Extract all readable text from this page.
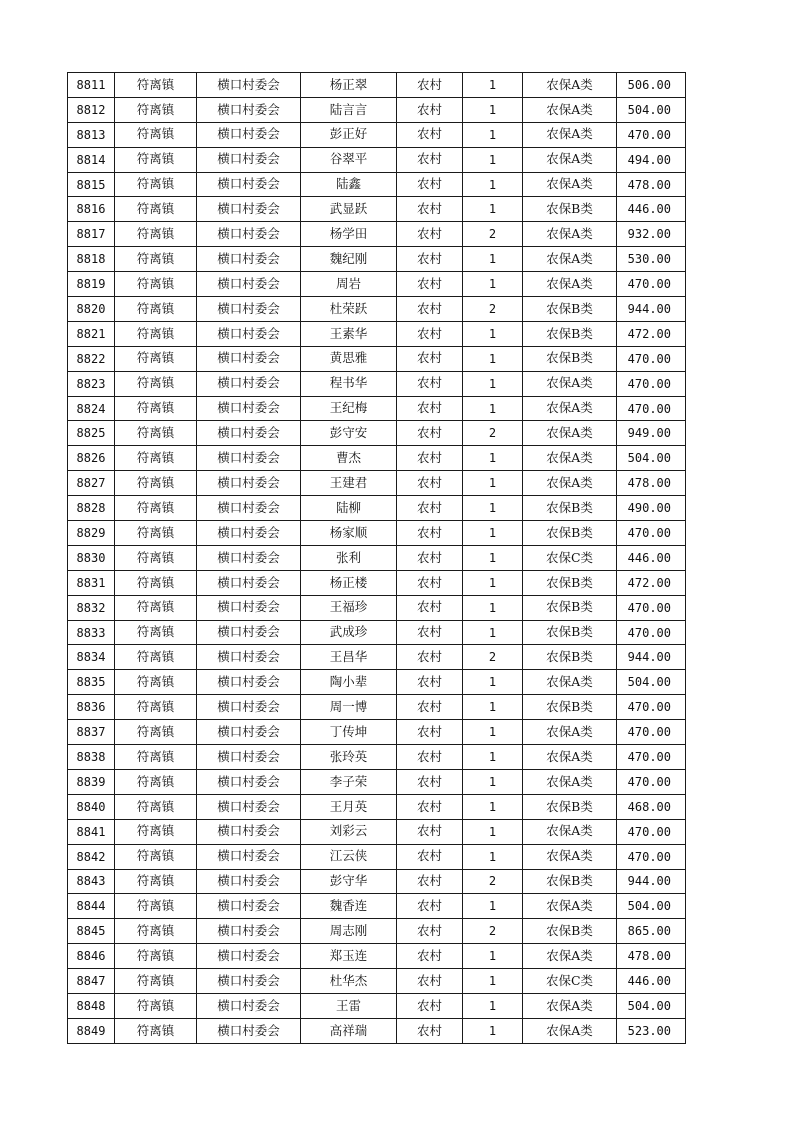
8811	符离镇	横口村委会	杨正翠	农村	1	农保A类	506.00
8812	符离镇	横口村委会	陆言言	农村	1	农保A类	504.00
8813	符离镇	横口村委会	彭正好	农村	1	农保A类	470.00
8814	符离镇	横口村委会	谷翠平	农村	1	农保A类	494.00
8815	符离镇	横口村委会	陆鑫	农村	1	农保A类	478.00
8816	符离镇	横口村委会	武显跃	农村	1	农保B类	446.00
8817	符离镇	横口村委会	杨学田	农村	2	农保A类	932.00
8818	符离镇	横口村委会	魏纪刚	农村	1	农保A类	530.00
8819	符离镇	横口村委会	周岩	农村	1	农保A类	470.00
8820	符离镇	横口村委会	杜荣跃	农村	2	农保B类	944.00
8821	符离镇	横口村委会	王素华	农村	1	农保B类	472.00
8822	符离镇	横口村委会	黄思雅	农村	1	农保B类	470.00
8823	符离镇	横口村委会	程书华	农村	1	农保A类	470.00
8824	符离镇	横口村委会	王纪梅	农村	1	农保A类	470.00
8825	符离镇	横口村委会	彭守安	农村	2	农保A类	949.00
8826	符离镇	横口村委会	曹杰	农村	1	农保A类	504.00
8827	符离镇	横口村委会	王建君	农村	1	农保A类	478.00
8828	符离镇	横口村委会	陆柳	农村	1	农保B类	490.00
8829	符离镇	横口村委会	杨家顺	农村	1	农保B类	470.00
8830	符离镇	横口村委会	张利	农村	1	农保C类	446.00
8831	符离镇	横口村委会	杨正楼	农村	1	农保B类	472.00
8832	符离镇	横口村委会	王福珍	农村	1	农保B类	470.00
8833	符离镇	横口村委会	武成珍	农村	1	农保B类	470.00
8834	符离镇	横口村委会	王昌华	农村	2	农保B类	944.00
8835	符离镇	横口村委会	陶小辈	农村	1	农保A类	504.00
8836	符离镇	横口村委会	周一博	农村	1	农保B类	470.00
8837	符离镇	横口村委会	丁传坤	农村	1	农保A类	470.00
8838	符离镇	横口村委会	张玲英	农村	1	农保A类	470.00
8839	符离镇	横口村委会	李子荣	农村	1	农保A类	470.00
8840	符离镇	横口村委会	王月英	农村	1	农保B类	468.00
8841	符离镇	横口村委会	刘彩云	农村	1	农保A类	470.00
8842	符离镇	横口村委会	江云侠	农村	1	农保A类	470.00
8843	符离镇	横口村委会	彭守华	农村	2	农保B类	944.00
8844	符离镇	横口村委会	魏香连	农村	1	农保A类	504.00
8845	符离镇	横口村委会	周志刚	农村	2	农保B类	865.00
8846	符离镇	横口村委会	郑玉连	农村	1	农保A类	478.00
8847	符离镇	横口村委会	杜华杰	农村	1	农保C类	446.00
8848	符离镇	横口村委会	王雷	农村	1	农保A类	504.00
8849	符离镇	横口村委会	高祥瑞	农村	1	农保A类	523.00
